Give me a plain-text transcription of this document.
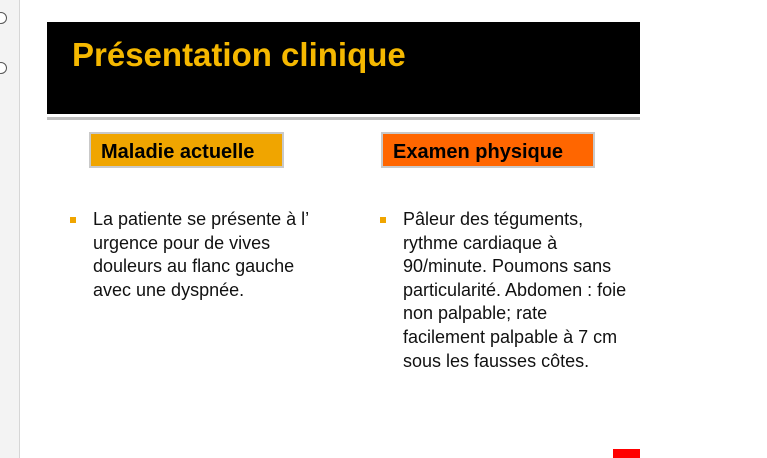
Présentation clinique
Maladie actuelle	Examen physique
La patiente se présente à l’ urgence pour de vives douleurs au flanc gauche avec une dyspnée.
Pâleur des téguments, rythme cardiaque à 90/minute. Poumons sans particularité. Abdomen : foie non palpable; rate facilement palpable à 7 cm sous les fausses côtes.
